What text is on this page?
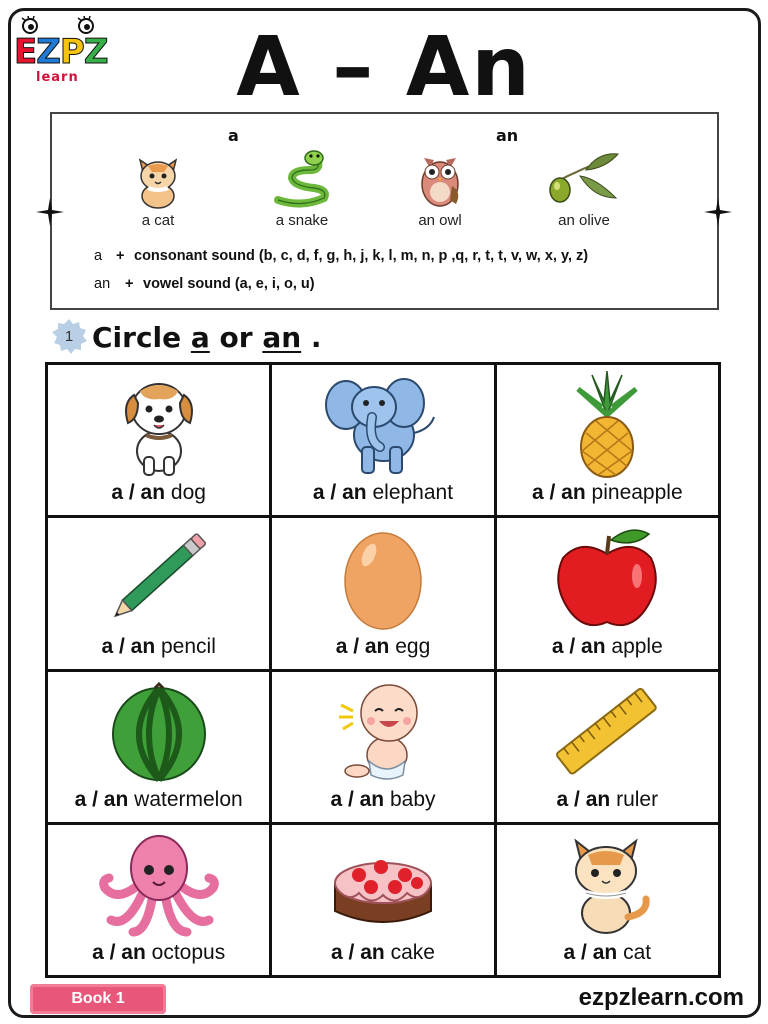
E Z P Z
learn	A – An
a	an
a cat	a snake	an owl	an olive
a + consonant sound (b, c, d, f, g, h, j, k, l, m, n, p ,q, r, t, t, v, w, x, y, z)
an + vowel sound (a, e, i, o, u)
1 Circle a or an .
a / an dog	a / an elephant	a / an pineapple
a / an pencil	a / an egg	a / an apple
a / an watermelon	a / an baby	a / an ruler
a / an octopus	a / an cake	a / an cat
Book 1	ezpzlearn.com
